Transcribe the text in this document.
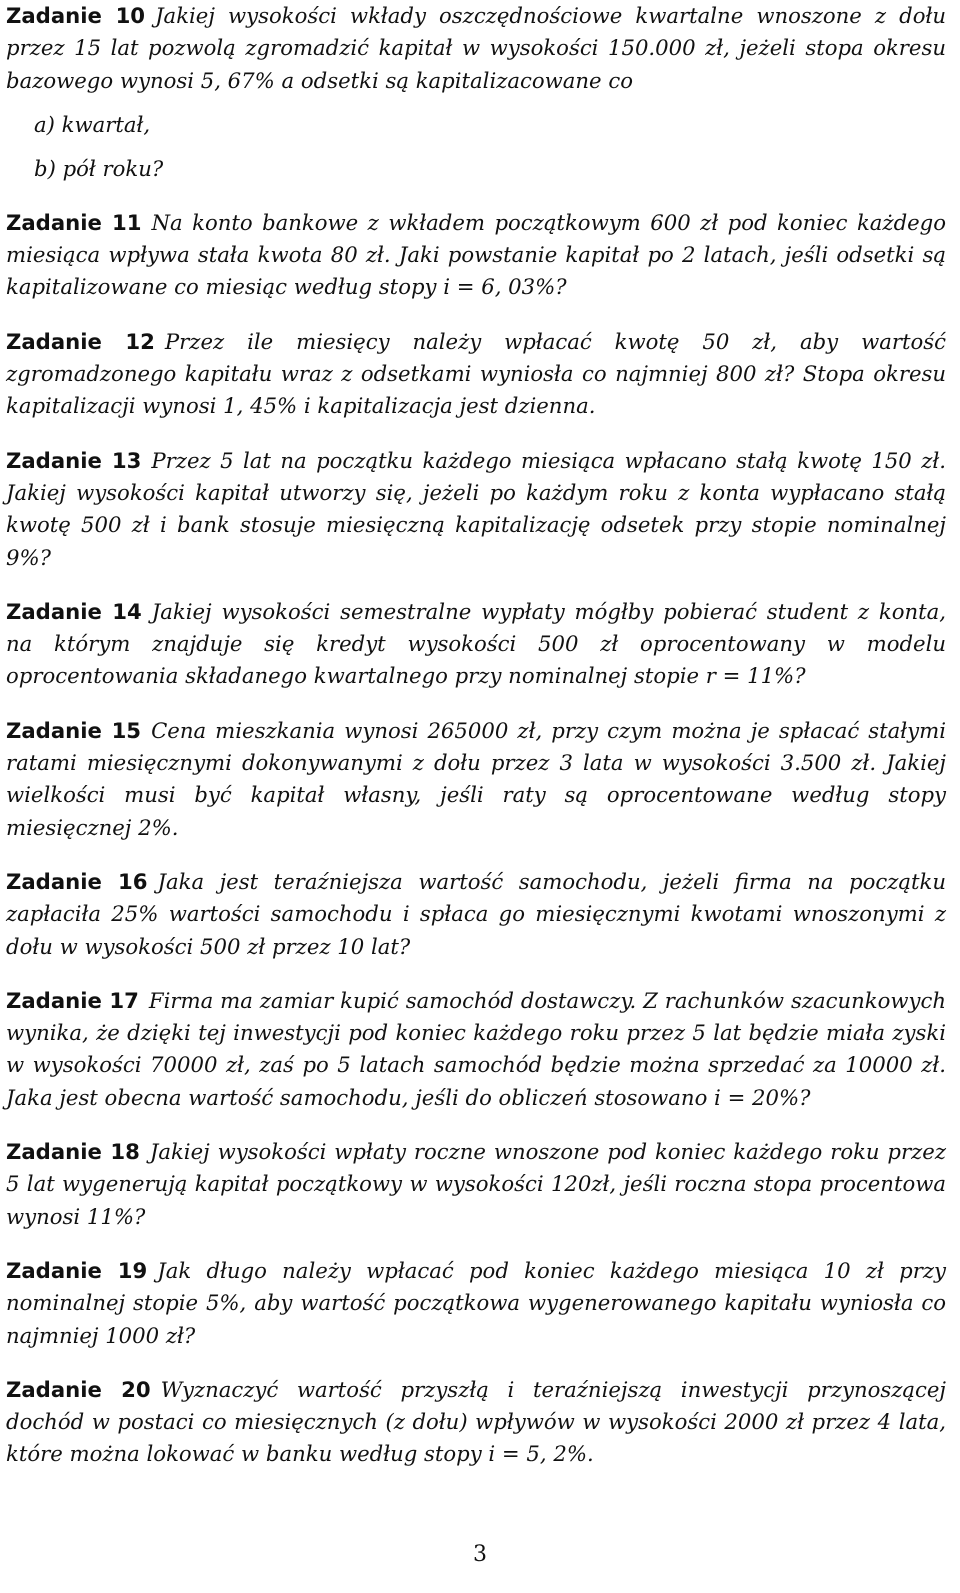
Zadanie 10 Jakiej wysokości wkłady oszczędnościowe kwartalne wnoszone z dołu przez 15 lat pozwolą zgromadzić kapitał w wysokości 150.000 zł, jeżeli stopa okresu bazowego wynosi 5, 67% a odsetki są kapitalizacowane co
a) kwartał,
b) pół roku?
Zadanie 11 Na konto bankowe z wkładem początkowym 600 zł pod koniec każdego miesiąca wpływa stała kwota 80 zł. Jaki powstanie kapitał po 2 latach, jeśli odsetki są kapitalizowane co miesiąc według stopy i = 6, 03%?
Zadanie 12 Przez ile miesięcy należy wpłacać kwotę 50 zł, aby wartość zgromadzonego kapitału wraz z odsetkami wyniosła co najmniej 800 zł? Stopa okresu kapitalizacji wynosi 1, 45% i kapitalizacja jest dzienna.
Zadanie 13 Przez 5 lat na początku każdego miesiąca wpłacano stałą kwotę 150 zł. Jakiej wysokości kapitał utworzy się, jeżeli po każdym roku z konta wypłacano stałą kwotę 500 zł i bank stosuje miesięczną kapitalizację odsetek przy stopie nominalnej 9%?
Zadanie 14 Jakiej wysokości semestralne wypłaty mógłby pobierać student z konta, na którym znajduje się kredyt wysokości 500 zł oprocentowany w modelu oprocentowania składanego kwartalnego przy nominalnej stopie r = 11%?
Zadanie 15 Cena mieszkania wynosi 265000 zł, przy czym można je spłacać stałymi ratami miesięcznymi dokonywanymi z dołu przez 3 lata w wysokości 3.500 zł. Jakiej wielkości musi być kapitał własny, jeśli raty są oprocentowane według stopy miesięcznej 2%.
Zadanie 16 Jaka jest teraźniejsza wartość samochodu, jeżeli firma na początku zapłaciła 25% wartości samochodu i spłaca go miesięcznymi kwotami wnoszonymi z dołu w wysokości 500 zł przez 10 lat?
Zadanie 17 Firma ma zamiar kupić samochód dostawczy. Z rachunków szacunkowych wynika, że dzięki tej inwestycji pod koniec każdego roku przez 5 lat będzie miała zyski w wysokości 70000 zł, zaś po 5 latach samochód będzie można sprzedać za 10000 zł. Jaka jest obecna wartość samochodu, jeśli do obliczeń stosowano i = 20%?
Zadanie 18 Jakiej wysokości wpłaty roczne wnoszone pod koniec każdego roku przez 5 lat wygenerują kapitał początkowy w wysokości 120zł, jeśli roczna stopa procentowa wynosi 11%?
Zadanie 19 Jak długo należy wpłacać pod koniec każdego miesiąca 10 zł przy nominalnej stopie 5%, aby wartość początkowa wygenerowanego kapitału wyniosła co najmniej 1000 zł?
Zadanie 20 Wyznaczyć wartość przyszłą i teraźniejszą inwestycji przynoszącej dochód w postaci co miesięcznych (z dołu) wpływów w wysokości 2000 zł przez 4 lata, które można lokować w banku według stopy i = 5, 2%.
3
